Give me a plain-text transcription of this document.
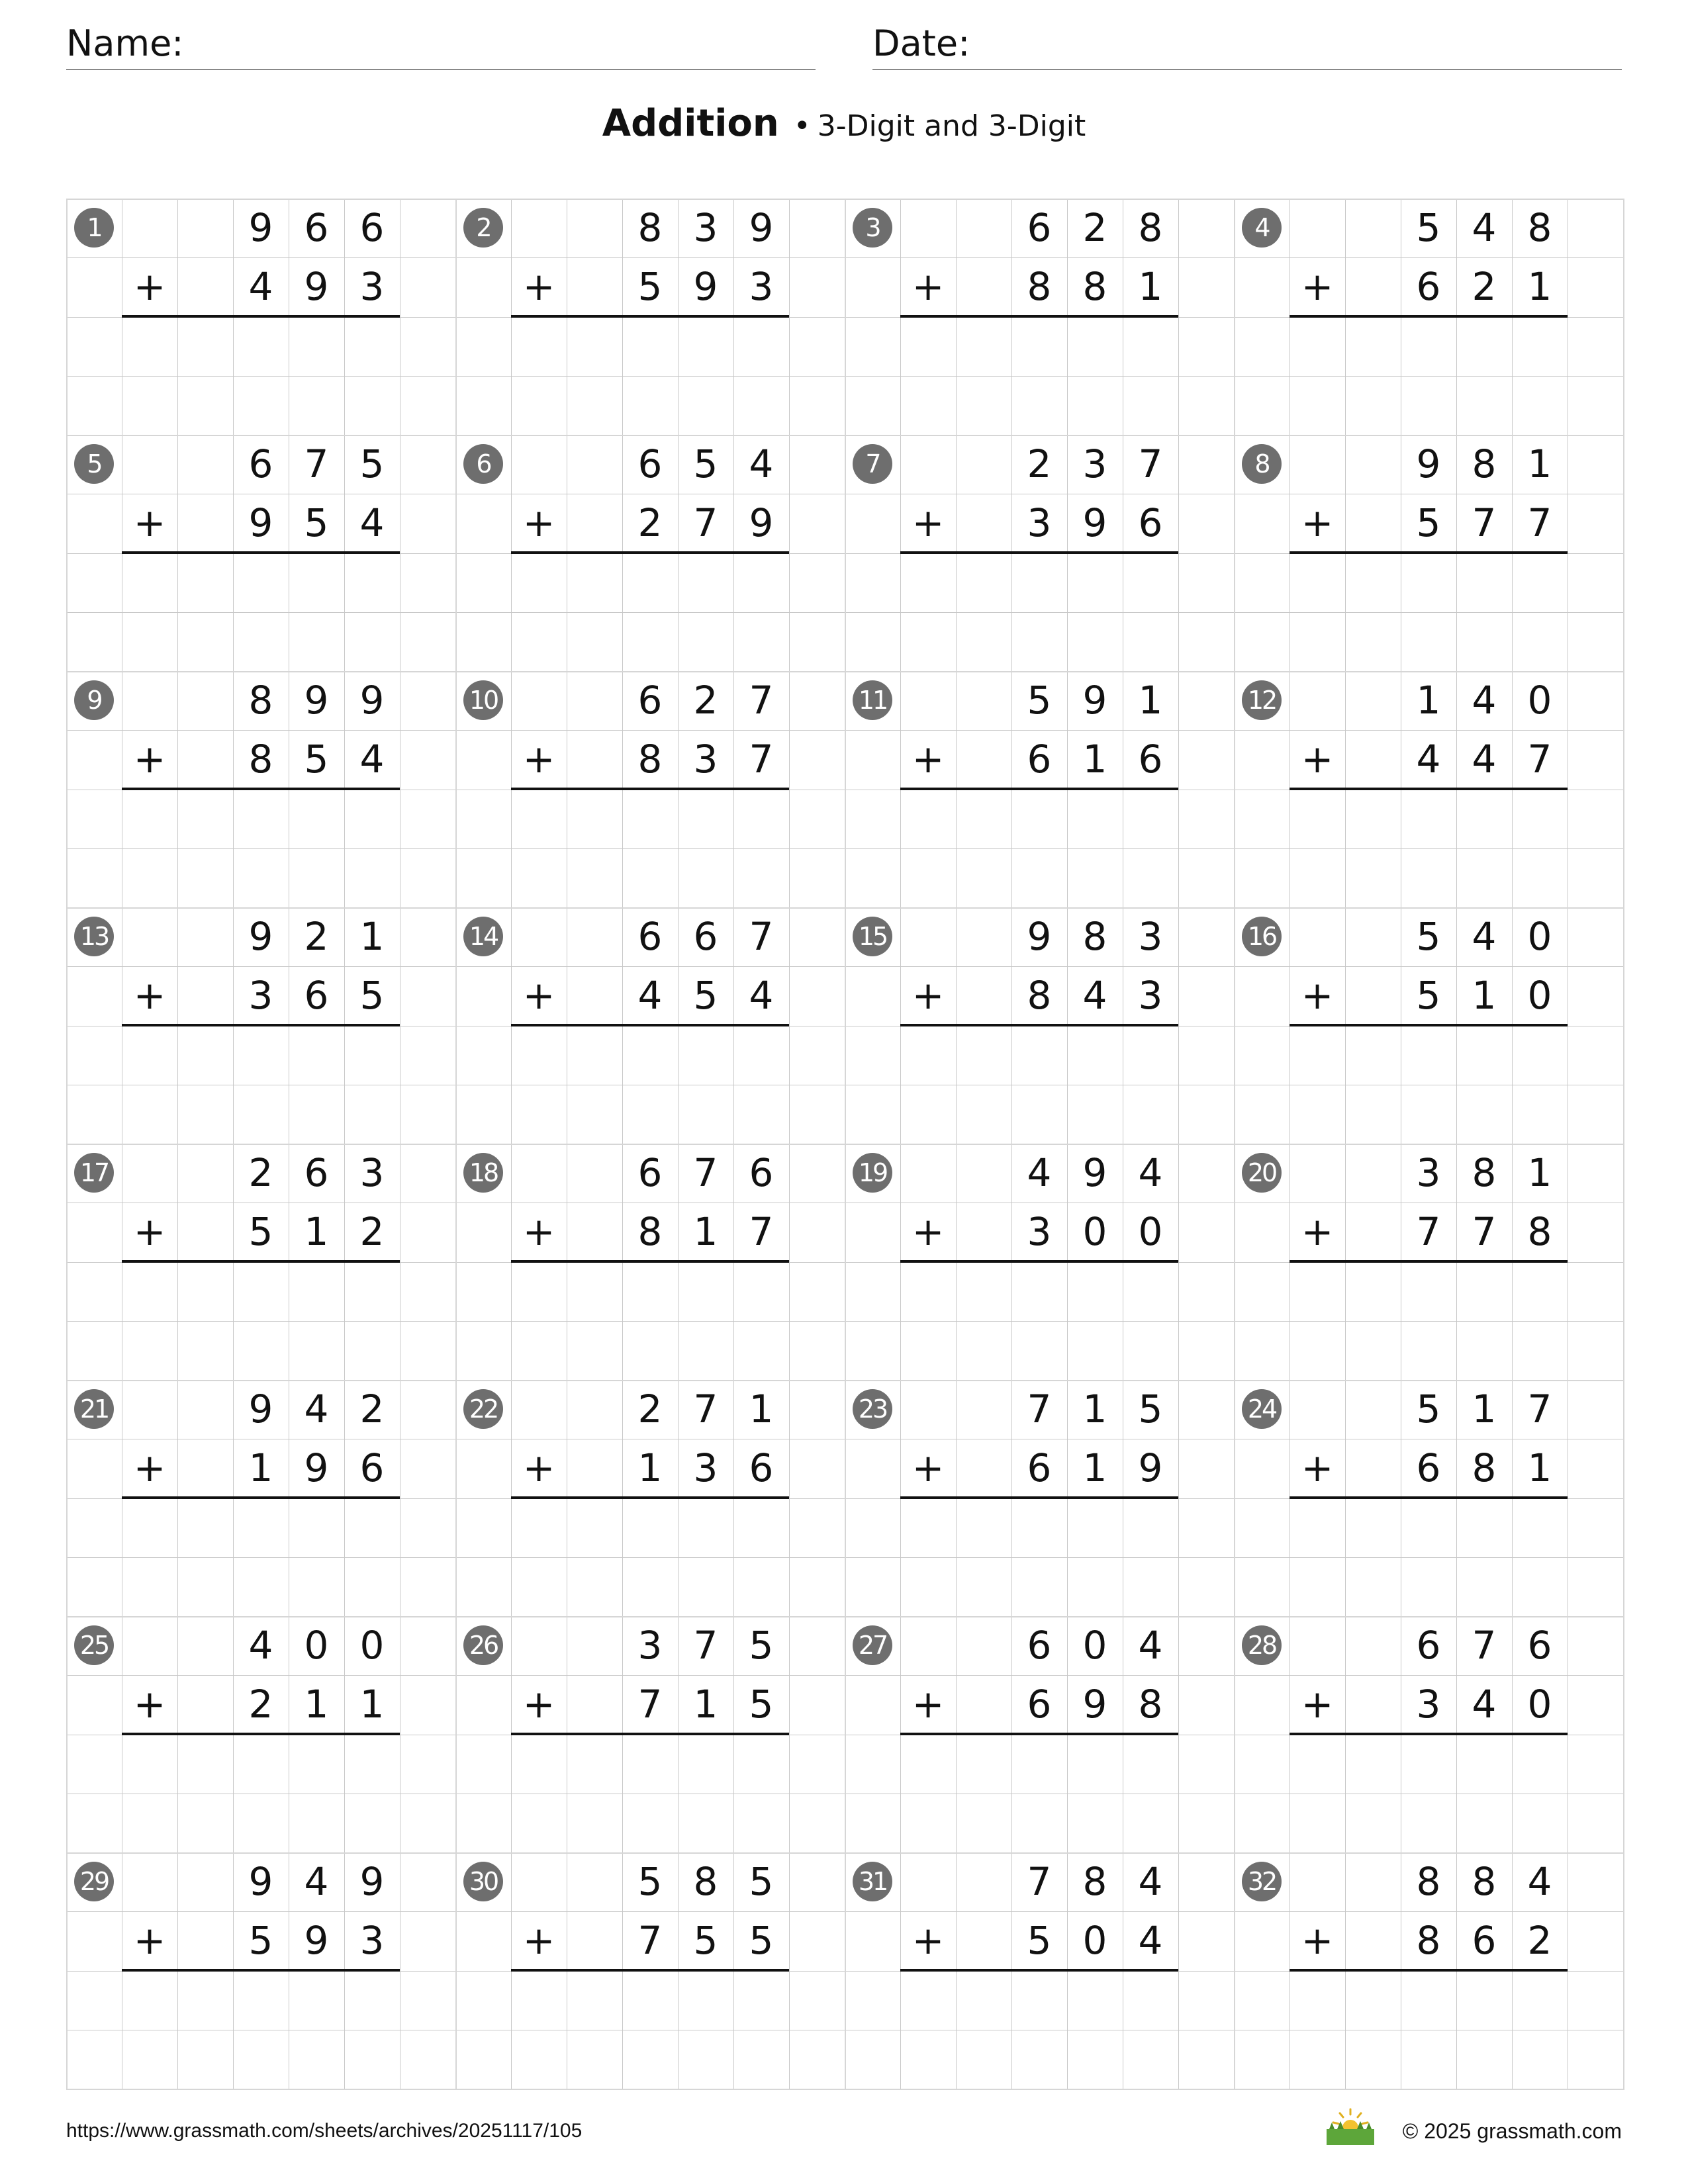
Name:	Date:
Addition • 3-Digit and 3-Digit
1	9 6 6
+	4 9 3
2	8 3 9
+	5 9 3
3	6 2 8
+	8 8 1
4	5 4 8
+	6 2 1
5	6 7 5
+	9 5 4
6	6 5 4
+	2 7 9
7	2 3 7
+	3 9 6
8	9 8 1
+	5 7 7
9	8 9 9
+	8 5 4
10	6 2 7
+	8 3 7
11	5 9 1
+	6 1 6
12	1 4 0
+	4 4 7
13	9 2 1
+	3 6 5
14	6 6 7
+	4 5 4
15	9 8 3
+	8 4 3
16	5 4 0
+	5 1 0
17	2 6 3
+	5 1 2
18	6 7 6
+	8 1 7
19	4 9 4
+	3 0 0
20	3 8 1
+	7 7 8
21	9 4 2
+	1 9 6
22	2 7 1
+	1 3 6
23	7 1 5
+	6 1 9
24	5 1 7
+	6 8 1
25	4 0 0
+	2 1 1
26	3 7 5
+	7 1 5
27	6 0 4
+	6 9 8
28	6 7 6
+	3 4 0
29	9 4 9
+	5 9 3
30	5 8 5
+	7 5 5
31	7 8 4
+	5 0 4
32	8 8 4
+	8 6 2
https://www.grassmath.com/sheets/archives/20251117/105	© 2025 grassmath.com
